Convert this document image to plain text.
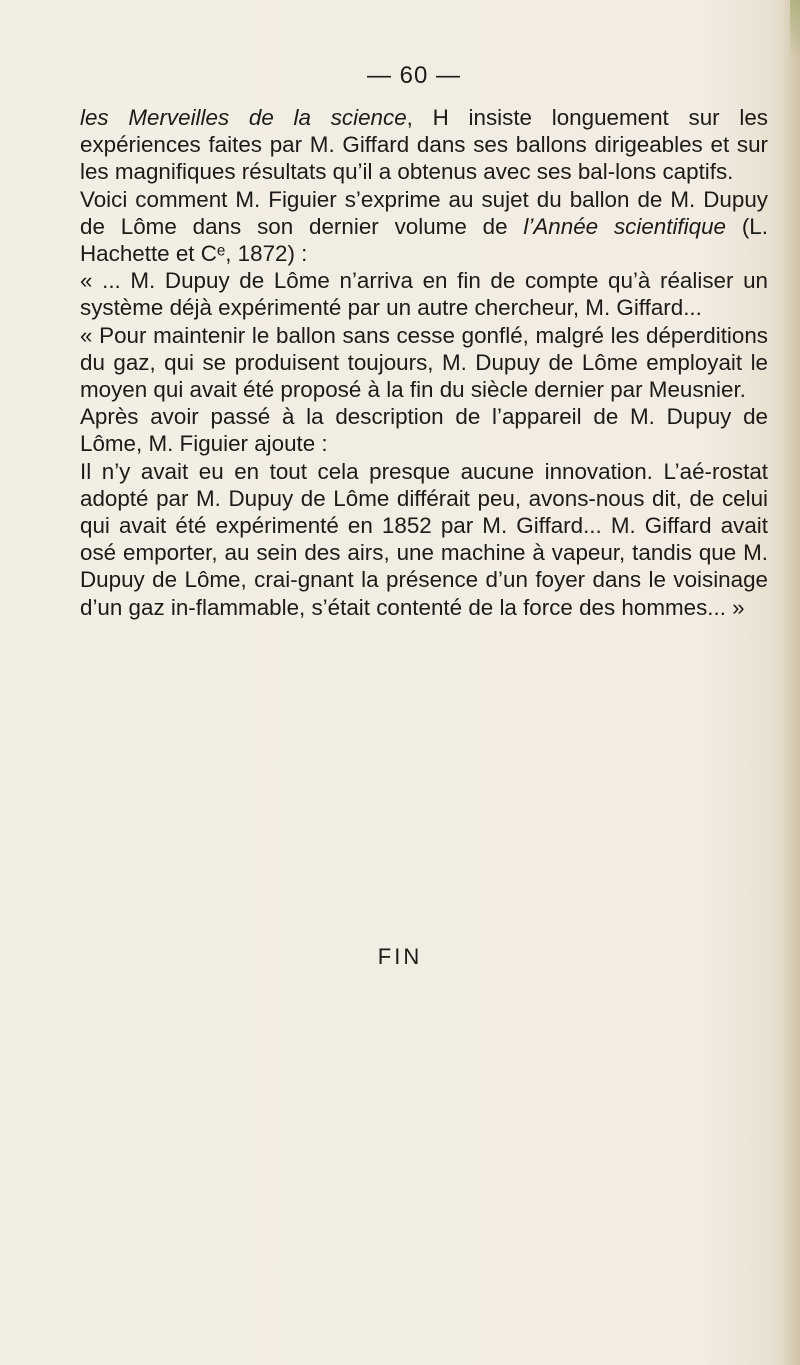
— 60 —

les Merveilles de la science, H insiste longuement sur les expériences faites par M. Giffard dans ses ballons dirigeables et sur les magnifiques résultats qu’il a obtenus avec ses bal-lons captifs.

Voici comment M. Figuier s’exprime au sujet du ballon de M. Dupuy de Lôme dans son dernier volume de l’Année scientifique (L. Hachette et Cᵉ, 1872) :

« ... M. Dupuy de Lôme n’arriva en fin de compte qu’à réaliser un système déjà expérimenté par un autre chercheur, M. Giffard...

« Pour maintenir le ballon sans cesse gonflé, malgré les déperditions du gaz, qui se produisent toujours, M. Dupuy de Lôme employait le moyen qui avait été proposé à la fin du siècle dernier par Meusnier.

Après avoir passé à la description de l’appareil de M. Dupuy de Lôme, M. Figuier ajoute :

Il n’y avait eu en tout cela presque aucune innovation. L’aé-rostat adopté par M. Dupuy de Lôme différait peu, avons-nous dit, de celui qui avait été expérimenté en 1852 par M. Giffard... M. Giffard avait osé emporter, au sein des airs, une machine à vapeur, tandis que M. Dupuy de Lôme, crai-gnant la présence d’un foyer dans le voisinage d’un gaz in-flammable, s’était contenté de la force des hommes... »

FIN
